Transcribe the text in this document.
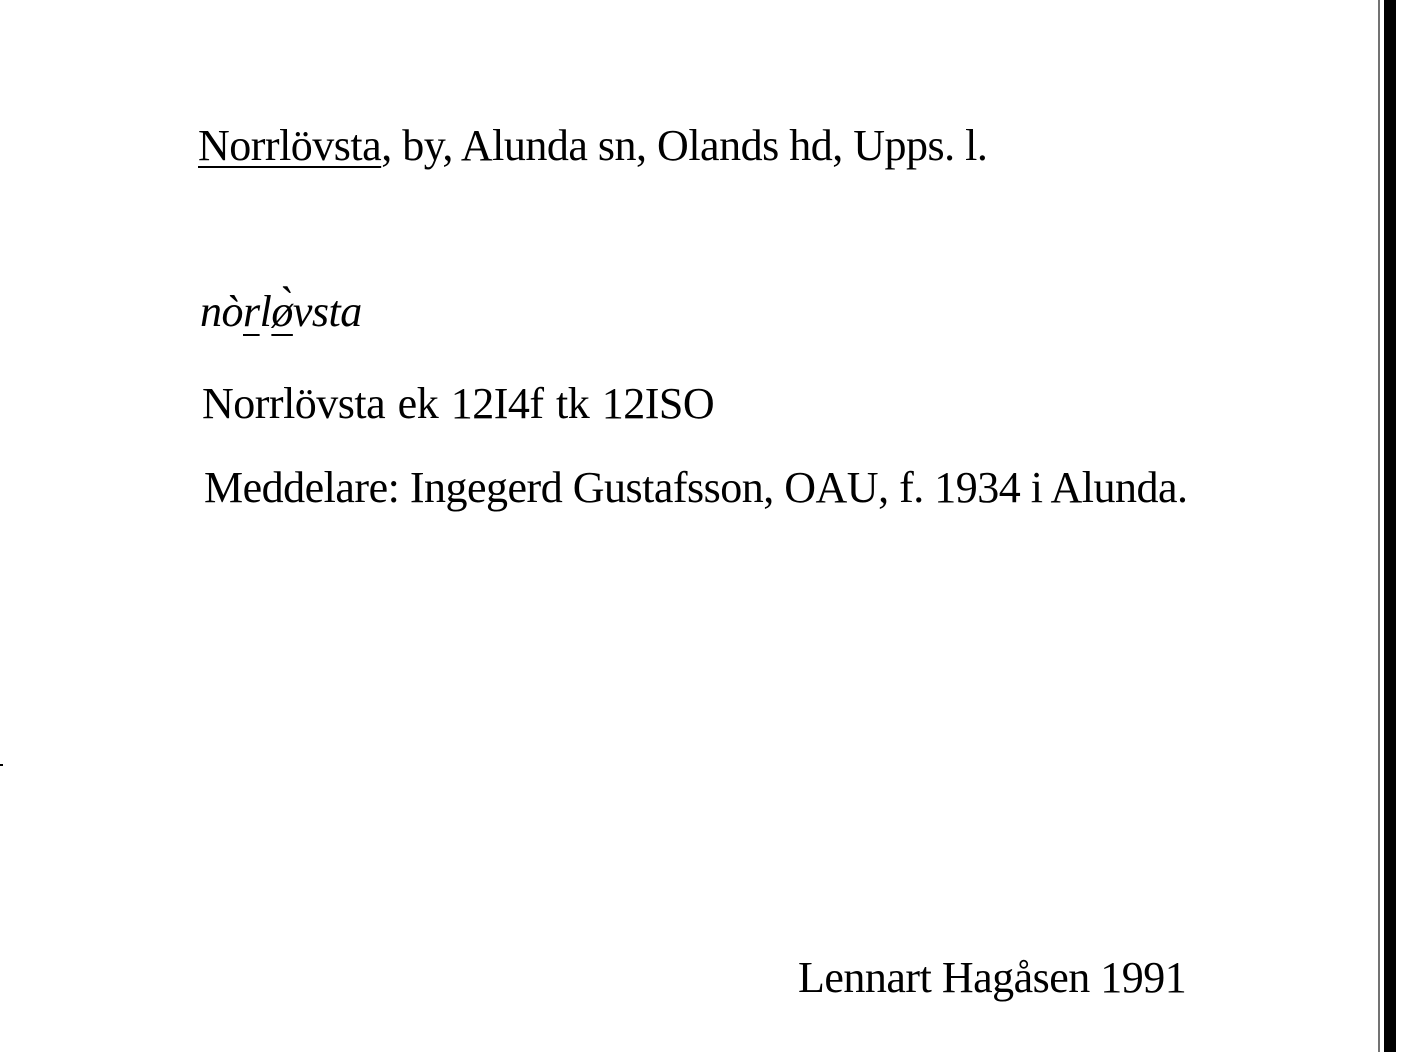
Norrlövsta, by, Alunda sn, Olands hd, Upps. l.
nòrlø̀vsta
Norrlövsta ek 12I4f tk 12ISO
Meddelare: Ingegerd Gustafsson, OAU, f. 1934 i Alunda.
Lennart Hagåsen 1991
